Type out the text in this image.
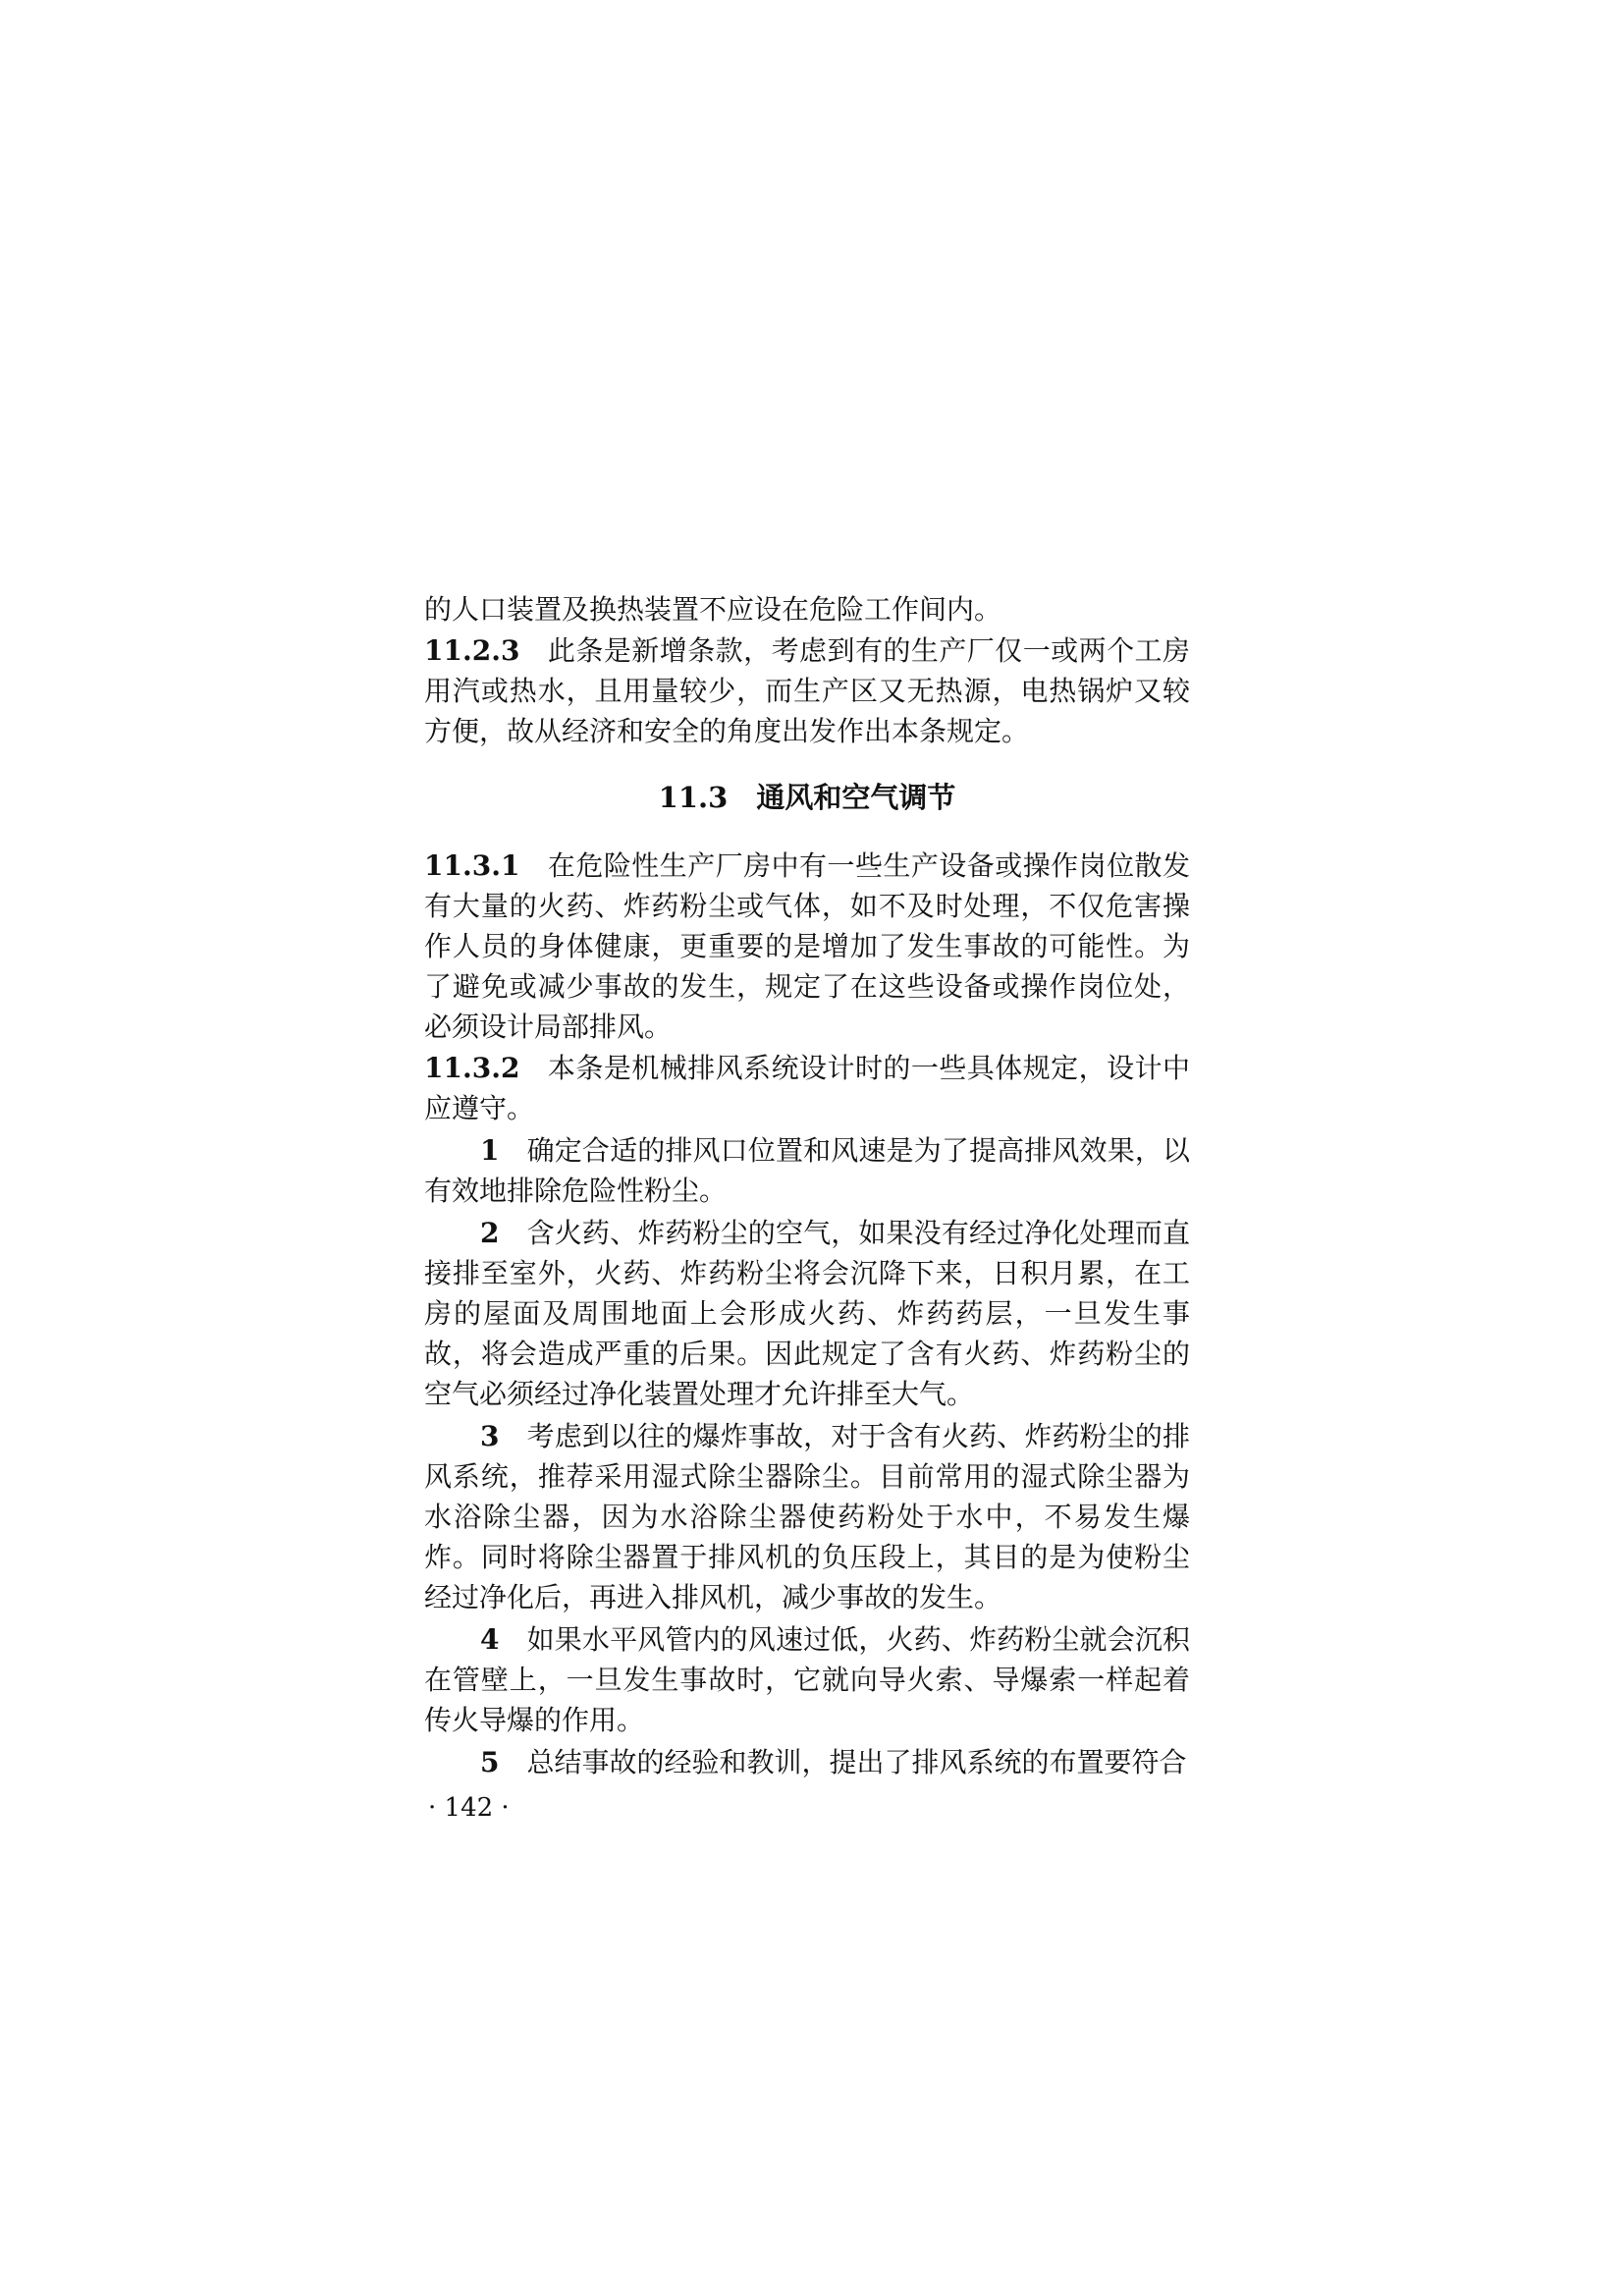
的人口装置及换热装置不应设在危险工作间内。

11.2.3  此条是新增条款，考虑到有的生产厂仅一或两个工房用汽或热水，且用量较少，而生产区又无热源，电热锅炉又较方便，故从经济和安全的角度出发作出本条规定。

11.3  通风和空气调节

11.3.1  在危险性生产厂房中有一些生产设备或操作岗位散发有大量的火药、炸药粉尘或气体，如不及时处理，不仅危害操作人员的身体健康，更重要的是增加了发生事故的可能性。为了避免或减少事故的发生，规定了在这些设备或操作岗位处，必须设计局部排风。

11.3.2  本条是机械排风系统设计时的一些具体规定，设计中应遵守。

1  确定合适的排风口位置和风速是为了提高排风效果，以有效地排除危险性粉尘。

2  含火药、炸药粉尘的空气，如果没有经过净化处理而直接排至室外，火药、炸药粉尘将会沉降下来，日积月累，在工房的屋面及周围地面上会形成火药、炸药药层，一旦发生事故，将会造成严重的后果。因此规定了含有火药、炸药粉尘的空气必须经过净化装置处理才允许排至大气。

3  考虑到以往的爆炸事故，对于含有火药、炸药粉尘的排风系统，推荐采用湿式除尘器除尘。目前常用的湿式除尘器为水浴除尘器，因为水浴除尘器使药粉处于水中，不易发生爆炸。同时将除尘器置于排风机的负压段上，其目的是为使粉尘经过净化后，再进入排风机，减少事故的发生。

4  如果水平风管内的风速过低，火药、炸药粉尘就会沉积在管壁上，一旦发生事故时，它就向导火索、导爆索一样起着传火导爆的作用。

5  总结事故的经验和教训，提出了排风系统的布置要符合

· 142 ·
